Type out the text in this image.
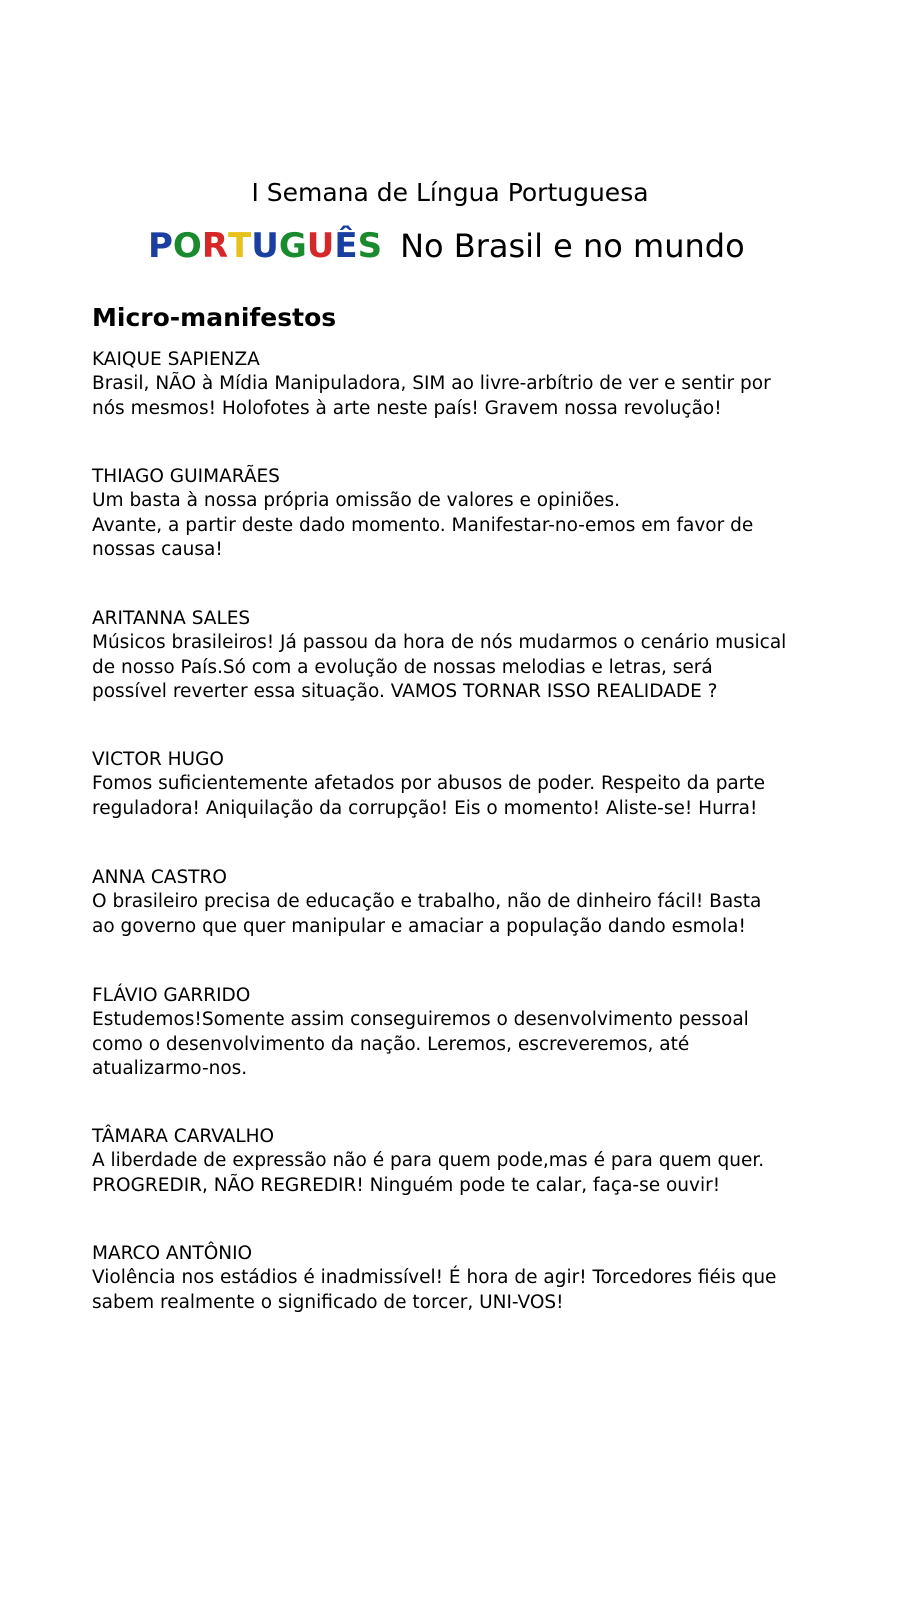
I Semana de Língua Portuguesa
PORTUGUÊS No Brasil e no mundo
Micro-manifestos

KAIQUE SAPIENZA

Brasil, NÃO à Mídia Manipuladora, SIM ao livre-arbítrio de ver e sentir por

nós mesmos! Holofotes à arte neste país! Gravem nossa revolução!

THIAGO GUIMARÃES

Um basta à nossa própria omissão de valores e opiniões.

Avante, a partir deste dado momento. Manifestar-no-emos em favor de

nossas causa!

ARITANNA SALES

Músicos brasileiros! Já passou da hora de nós mudarmos o cenário musical

de nosso País.Só com a evolução de nossas melodias e letras, será

possível reverter essa situação. VAMOS TORNAR ISSO REALIDADE ?

VICTOR HUGO

Fomos suficientemente afetados por abusos de poder. Respeito da parte

reguladora! Aniquilação da corrupção! Eis o momento! Aliste-se! Hurra!

ANNA CASTRO

O brasileiro precisa de educação e trabalho, não de dinheiro fácil! Basta

ao governo que quer manipular e amaciar a população dando esmola!

FLÁVIO GARRIDO

Estudemos!Somente assim conseguiremos o desenvolvimento pessoal

como o desenvolvimento da nação. Leremos, escreveremos, até

atualizarmo-nos.

TÂMARA CARVALHO

A liberdade de expressão não é para quem pode,mas é para quem quer.

PROGREDIR, NÃO REGREDIR! Ninguém pode te calar, faça-se ouvir!

MARCO ANTÔNIO

Violência nos estádios é inadmissível! É hora de agir! Torcedores fiéis que

sabem realmente o significado de torcer, UNI-VOS!
